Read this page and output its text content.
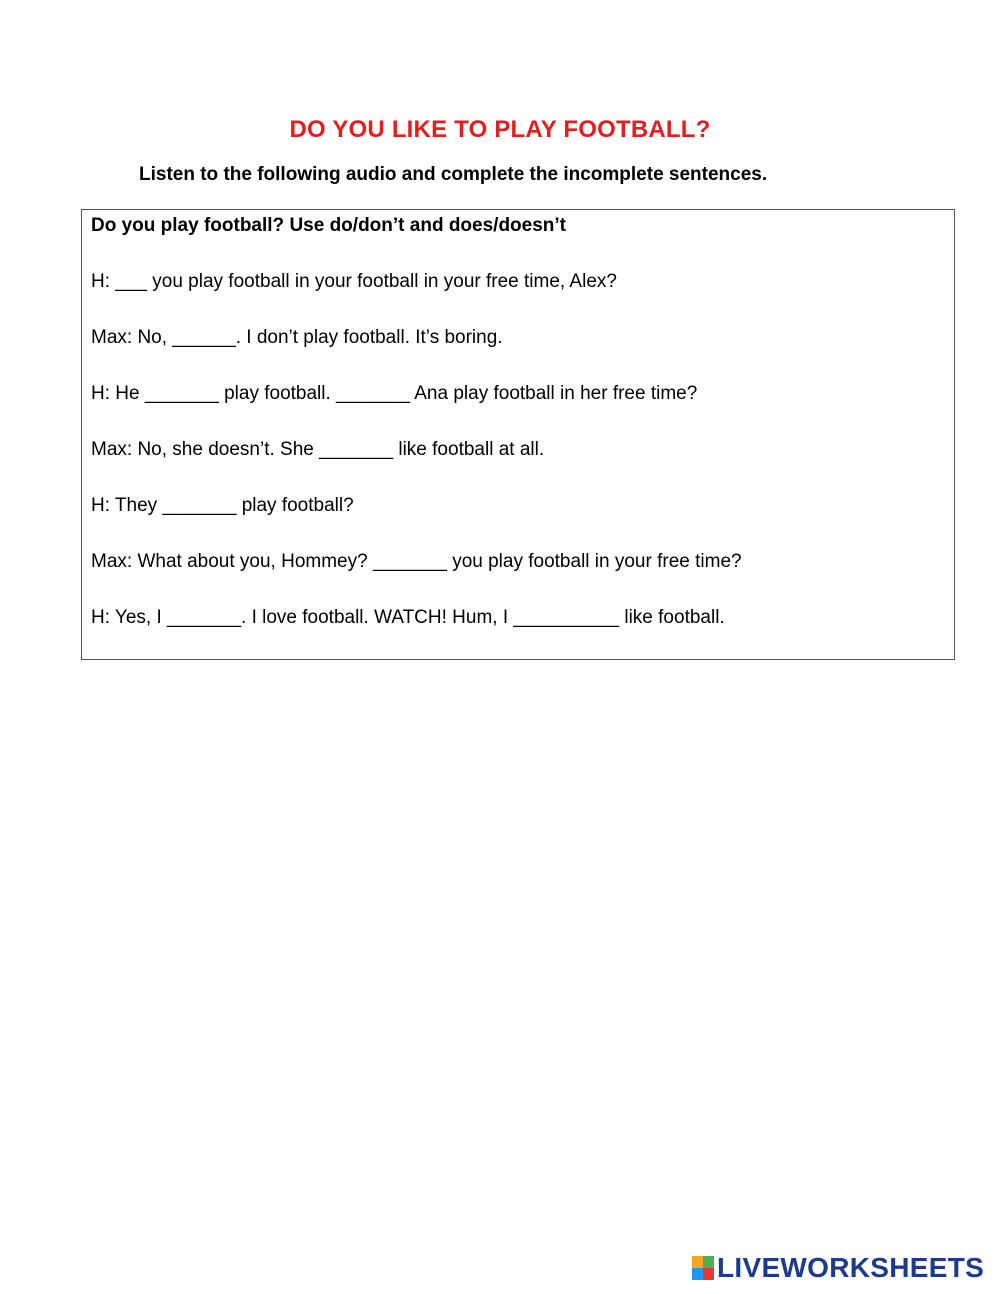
DO YOU LIKE TO PLAY FOOTBALL?
Listen to the following audio and complete the incomplete sentences.
Do you play football? Use do/don’t and does/doesn’t
H: ___ you play football in your football in your free time, Alex?
Max: No, ______. I don’t play football. It’s boring.
H: He _______ play football. _______ Ana play football in her free time?
Max: No, she doesn’t. She _______ like football at all.
H: They _______ play football?
Max: What about you, Hommey? _______ you play football in your free time?
H: Yes, I _______. I love football. WATCH! Hum, I __________ like football.
LIVEWORKSHEETS
